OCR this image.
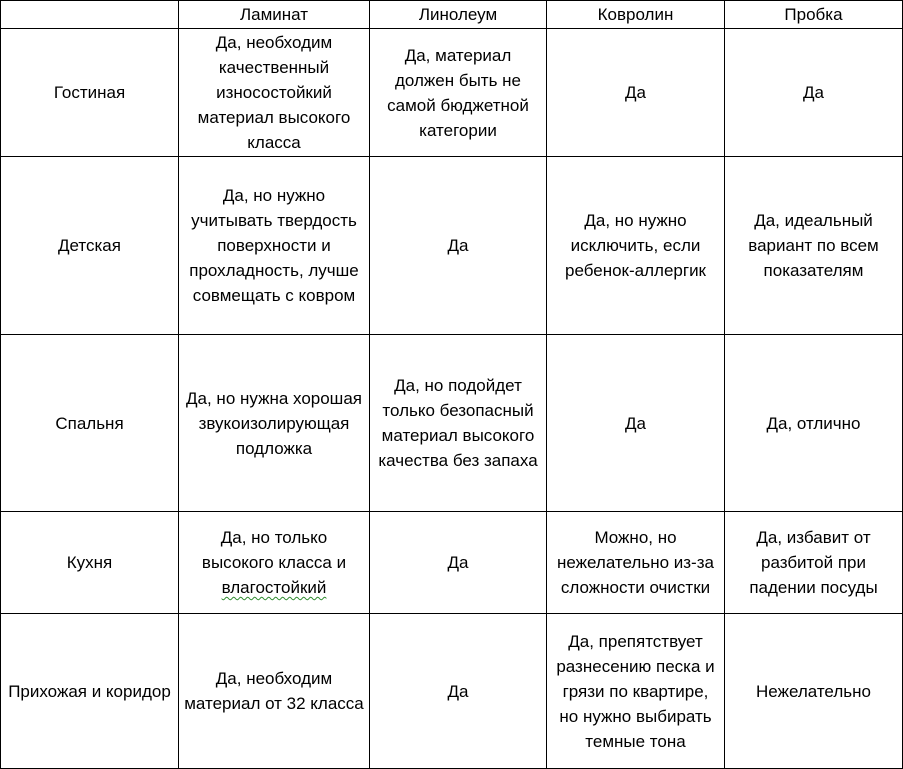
	Ламинат	Линолеум	Ковролин	Пробка
Гостиная	Да, необходим качественный износостойкий материал высокого класса	Да, материал должен быть не самой бюджетной категории	Да	Да
Детская	Да, но нужно учитывать твердость поверхности и прохладность, лучше совмещать с ковром	Да	Да, но нужно исключить, если ребенок-аллергик	Да, идеальный вариант по всем показателям
Спальня	Да, но нужна хорошая звукоизолирующая подложка	Да, но подойдет только безопасный материал высокого качества без запаха	Да	Да, отлично
Кухня	Да, но только высокого класса и влагостойкий	Да	Можно, но нежелательно из-за сложности очистки	Да, избавит от разбитой при падении посуды
Прихожая и коридор	Да, необходим материал от 32 класса	Да	Да, препятствует разнесению песка и грязи по квартире, но нужно выбирать темные тона	Нежелательно
